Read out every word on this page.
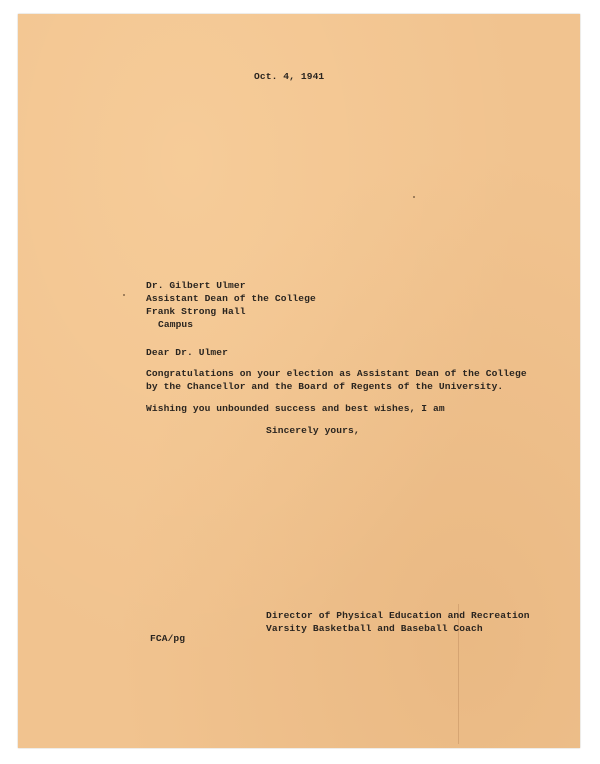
Oct. 4, 1941
Dr. Gilbert Ulmer
Assistant Dean of the College
Frank Strong Hall
Campus
Dear Dr. Ulmer
Congratulations on your election as Assistant Dean of the College
by the Chancellor and the Board of Regents of the University.
Wishing you unbounded success and best wishes, I am
Sincerely yours,
Director of Physical Education and Recreation
Varsity Basketball and Baseball Coach
FCA/pg
